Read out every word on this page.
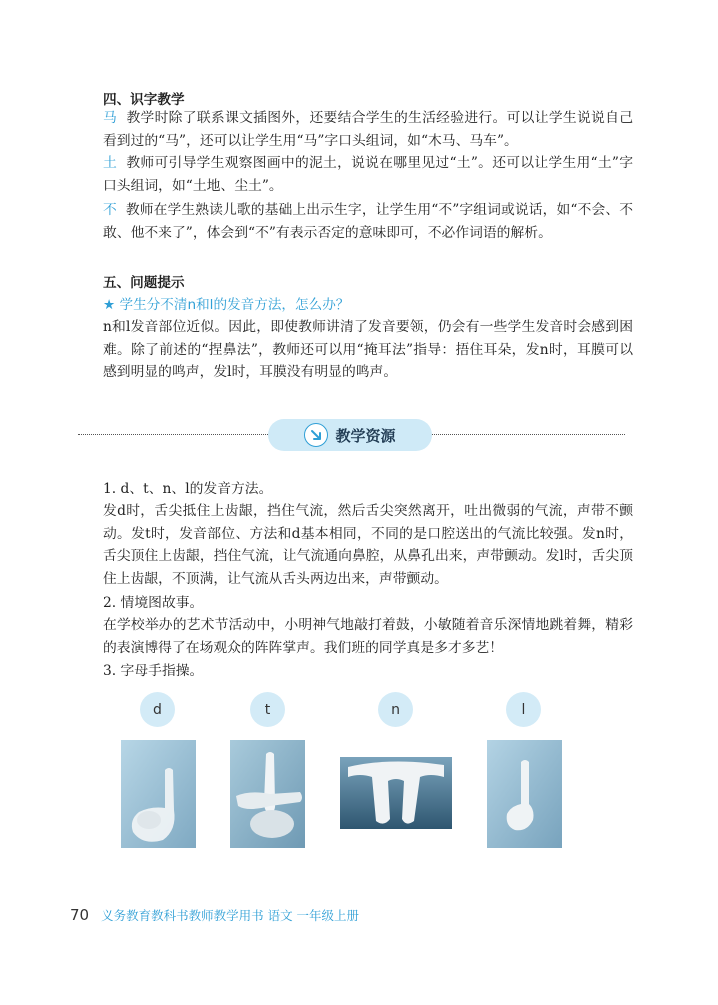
四、识字教学

马 教学时除了联系课文插图外，还要结合学生的生活经验进行。可以让学生说说自己看到过的“马”，还可以让学生用“马”字口头组词，如“木马、马车”。

土 教师可引导学生观察图画中的泥土，说说在哪里见过“土”。还可以让学生用“土”字口头组词，如“土地、尘土”。

不 教师在学生熟读儿歌的基础上出示生字，让学生用“不”字组词或说话，如“不会、不敢、他不来了”，体会到“不”有表示否定的意味即可，不必作词语的解析。

五、问题提示

★ 学生分不清n和l的发音方法，怎么办？

n和l发音部位近似。因此，即使教师讲清了发音要领，仍会有一些学生发音时会感到困难。除了前述的“捏鼻法”，教师还可以用“掩耳法”指导：捂住耳朵，发n时，耳膜可以感到明显的鸣声，发l时，耳膜没有明显的鸣声。

教学资源

1. d、t、n、l的发音方法。

发d时，舌尖抵住上齿龈，挡住气流，然后舌尖突然离开，吐出微弱的气流，声带不颤动。发t时，发音部位、方法和d基本相同，不同的是口腔送出的气流比较强。发n时，舌尖顶住上齿龈，挡住气流，让气流通向鼻腔，从鼻孔出来，声带颤动。发l时，舌尖顶住上齿龈，不顶满，让气流从舌头两边出来，声带颤动。

2. 情境图故事。

在学校举办的艺术节活动中，小明神气地敲打着鼓，小敏随着音乐深情地跳着舞，精彩的表演博得了在场观众的阵阵掌声。我们班的同学真是多才多艺！

3. 字母手指操。

d	t	n	l
70 义务教育教科书教师教学用书 语文 一年级上册
